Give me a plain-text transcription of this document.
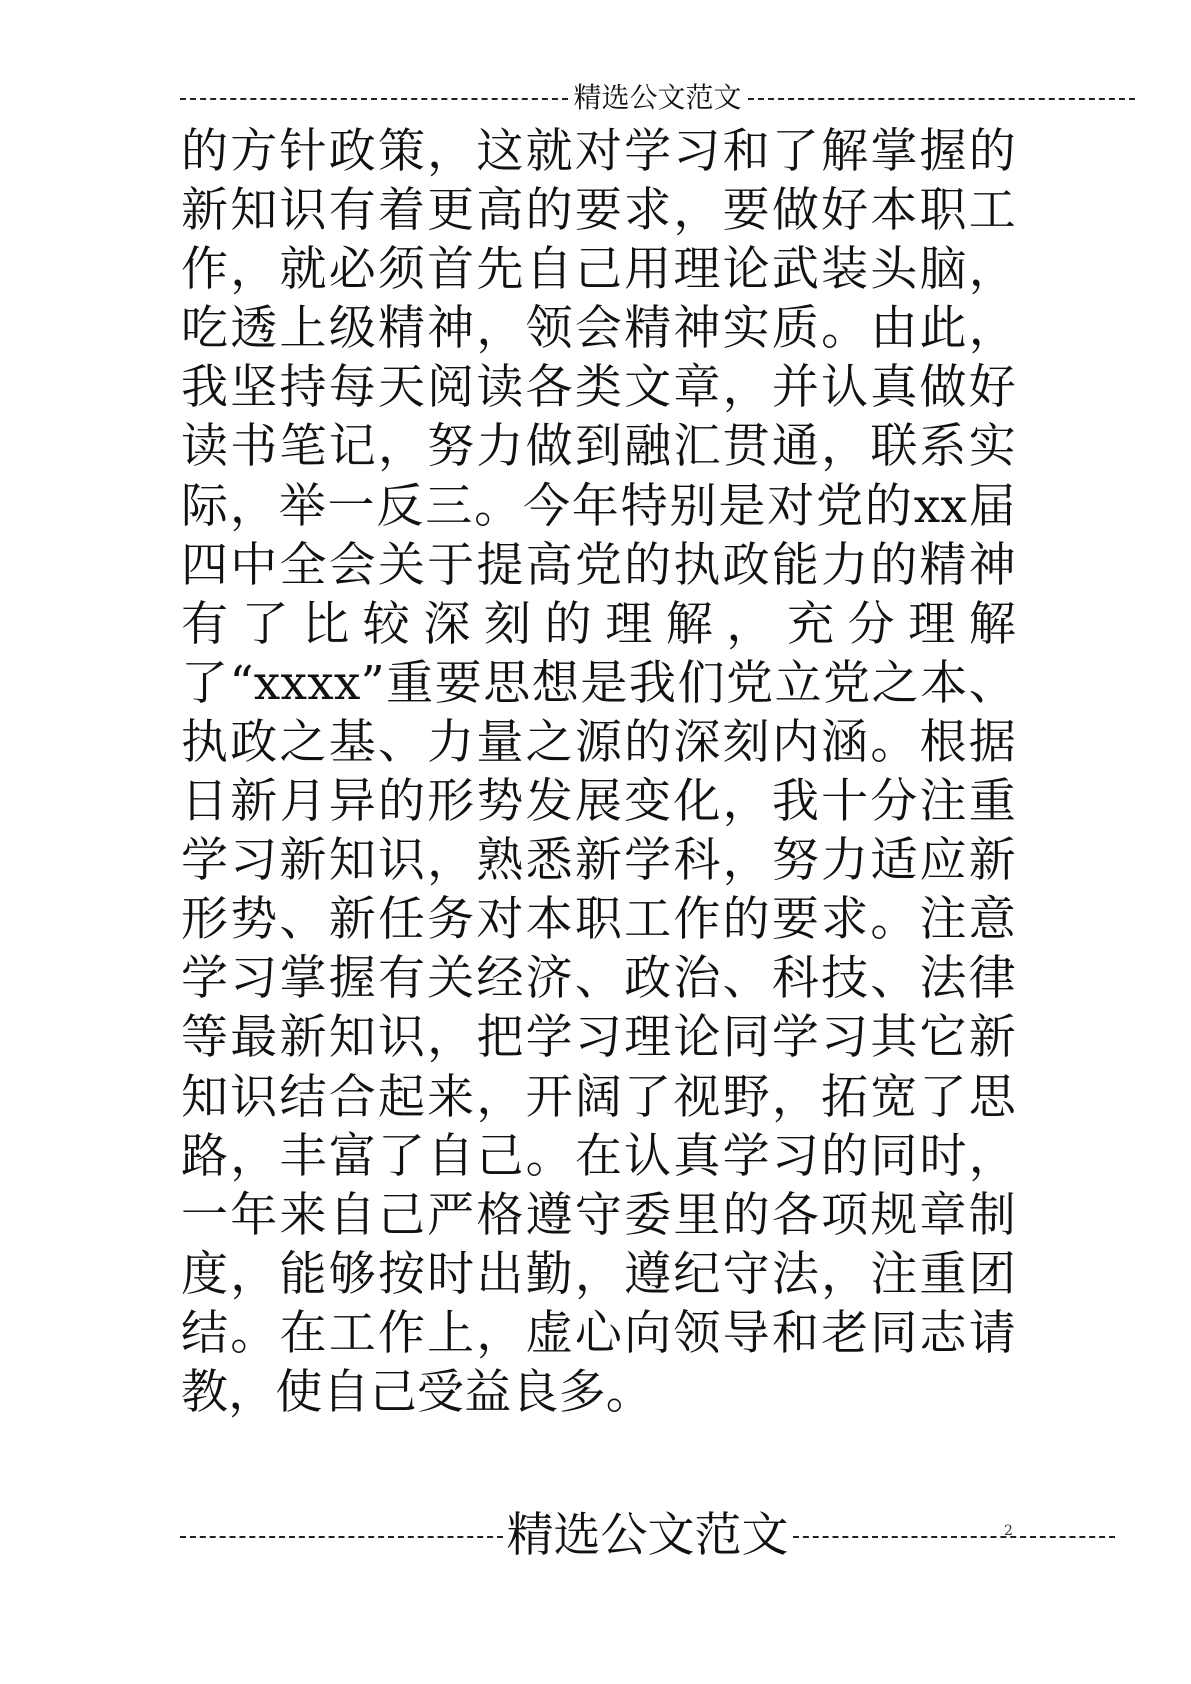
精选公文范文

的方针政策，这就对学习和了解掌握的新知识有着更高的要求，要做好本职工作，就必须首先自己用理论武装头脑，吃透上级精神，领会精神实质。由此，我坚持每天阅读各类文章，并认真做好读书笔记，努力做到融汇贯通，联系实际，举一反三。今年特别是对党的xx届四中全会关于提高党的执政能力的精神有了比较深刻的理解，充分理解了“xxxx”重要思想是我们党立党之本、执政之基、力量之源的深刻内涵。根据日新月异的形势发展变化，我十分注重学习新知识，熟悉新学科，努力适应新形势、新任务对本职工作的要求。注意学习掌握有关经济、政治、科技、法律等最新知识，把学习理论同学习其它新知识结合起来，开阔了视野，拓宽了思路，丰富了自己。在认真学习的同时，一年来自己严格遵守委里的各项规章制度，能够按时出勤，遵纪守法，注重团结。在工作上，虚心向领导和老同志请教，使自己受益良多。

精选公文范文	2
